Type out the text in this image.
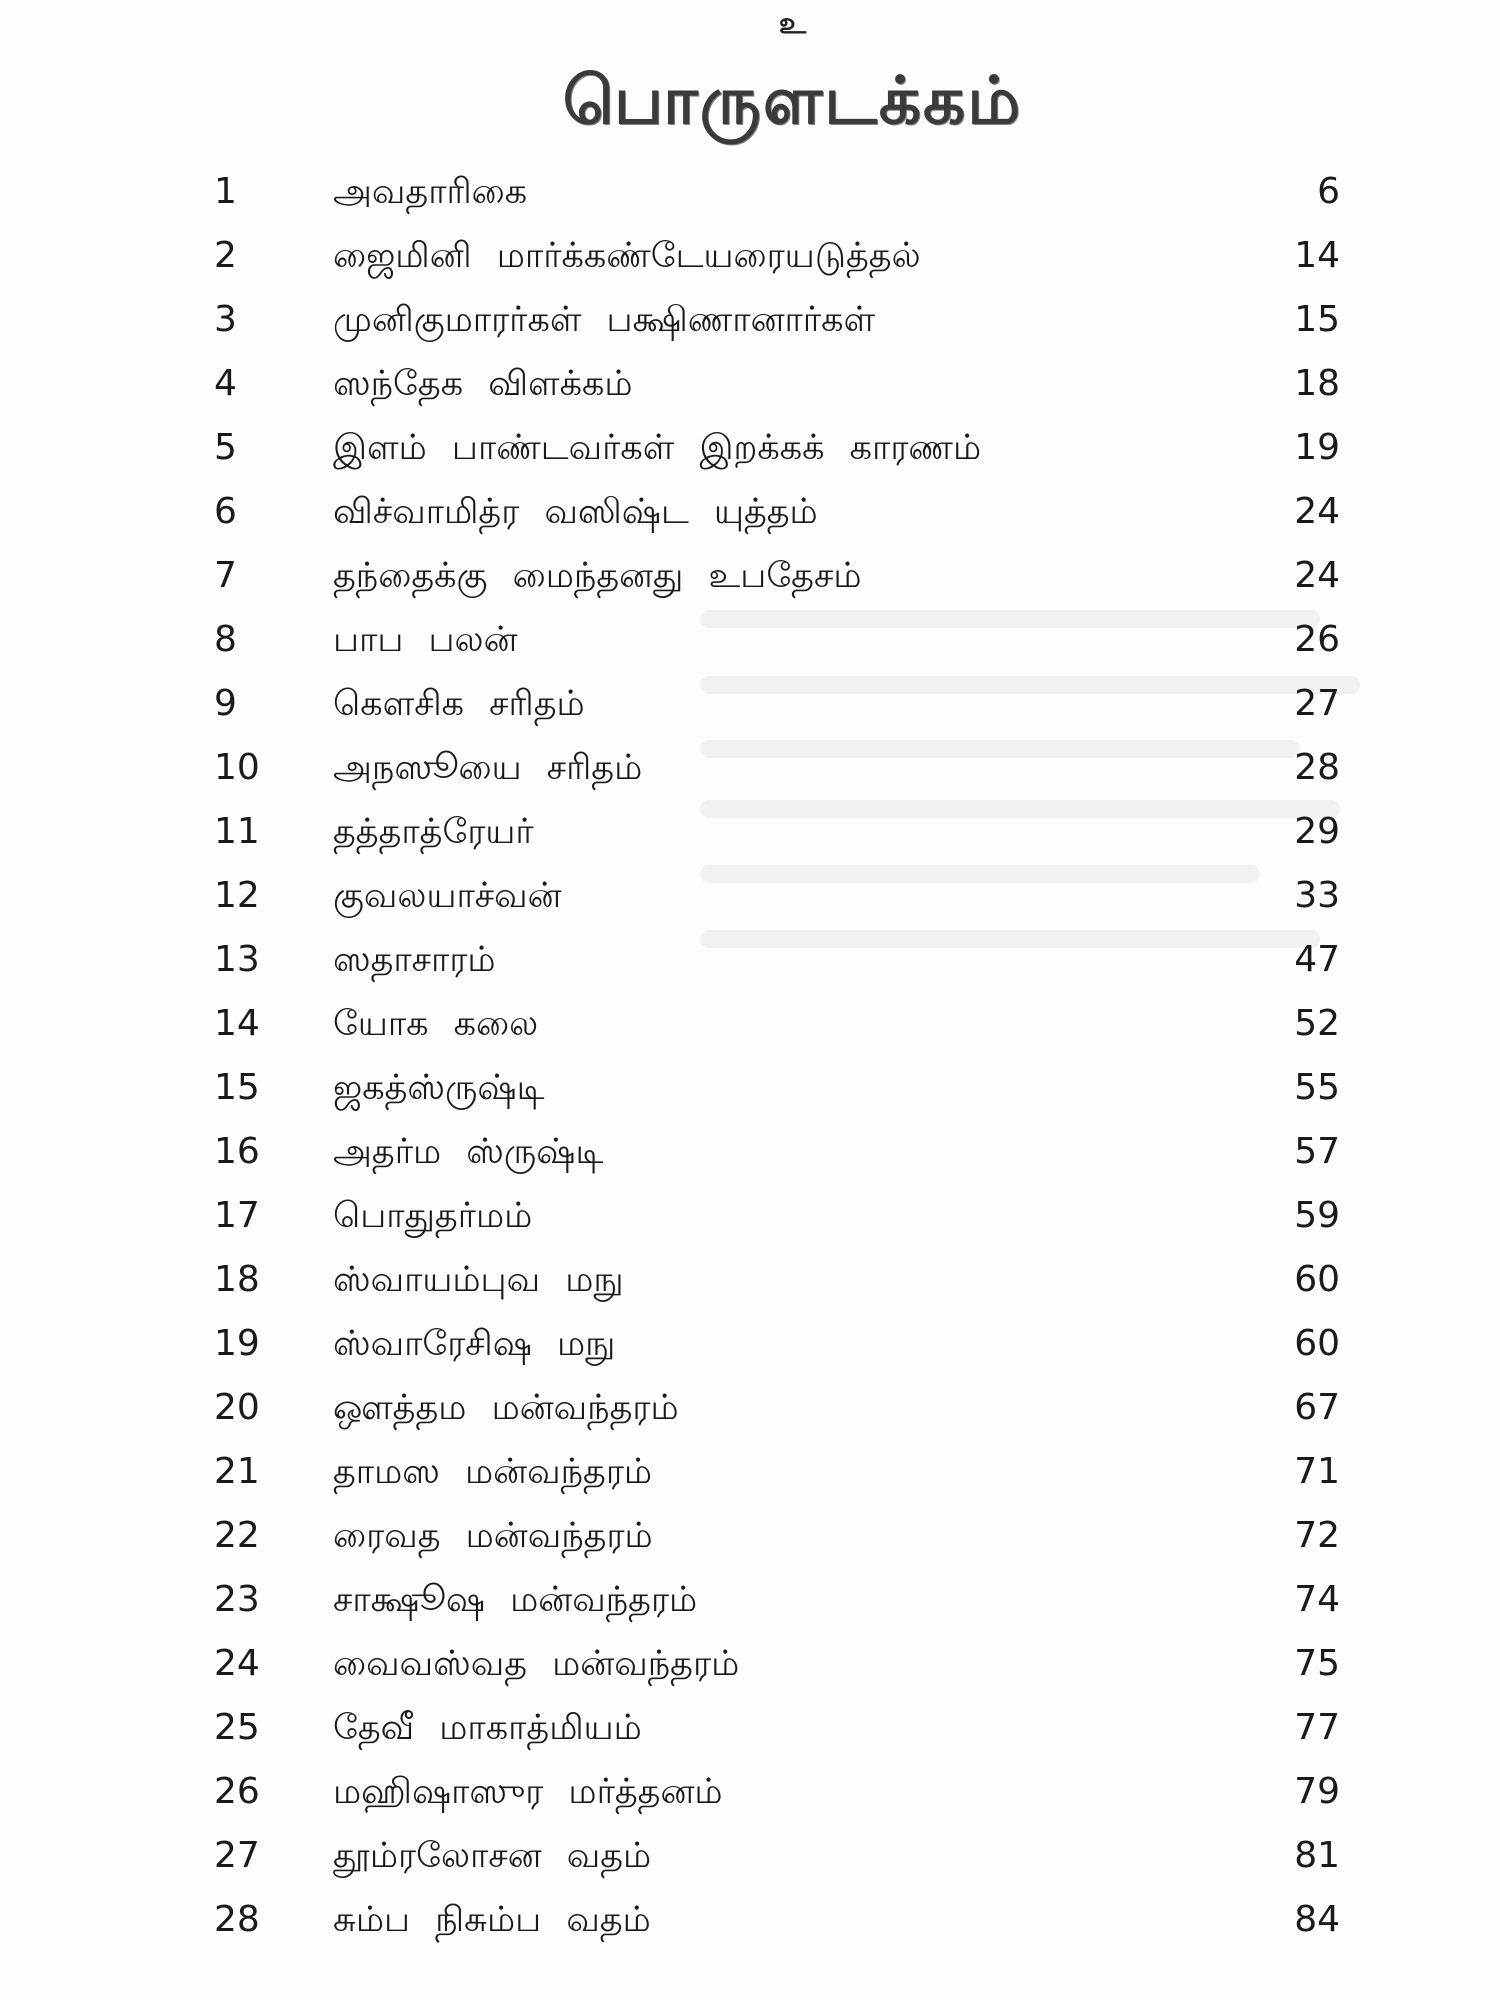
உ
பொருளடக்கம்
1	அவதாரிகை	6
2	ஜைமினி மார்க்கண்டேயரையடுத்தல்	14
3	முனிகுமாரர்கள் பக்ஷிணானார்கள்	15
4	ஸந்தேக விளக்கம்	18
5	இளம் பாண்டவர்கள் இறக்கக் காரணம்	19
6	விச்வாமித்ர வஸிஷ்ட யுத்தம்	24
7	தந்தைக்கு மைந்தனது உபதேசம்	24
8	பாப பலன்	26
9	கௌசிக சரிதம்	27
10	அநஸூயை சரிதம்	28
11	தத்தாத்ரேயர்	29
12	குவலயாச்வன்	33
13	ஸதாசாரம்	47
14	யோக கலை	52
15	ஜகத்ஸ்ருஷ்டி	55
16	அதர்ம ஸ்ருஷ்டி	57
17	பொதுதர்மம்	59
18	ஸ்வாயம்புவ மநு	60
19	ஸ்வாரேசிஷ மநு	60
20	ஔத்தம மன்வந்தரம்	67
21	தாமஸ மன்வந்தரம்	71
22	ரைவத மன்வந்தரம்	72
23	சாக்ஷூஷ மன்வந்தரம்	74
24	வைவஸ்வத மன்வந்தரம்	75
25	தேவீ மாகாத்மியம்	77
26	மஹிஷாஸுர மர்த்தனம்	79
27	தூம்ரலோசன வதம்	81
28	சும்ப நிசும்ப வதம்	84
